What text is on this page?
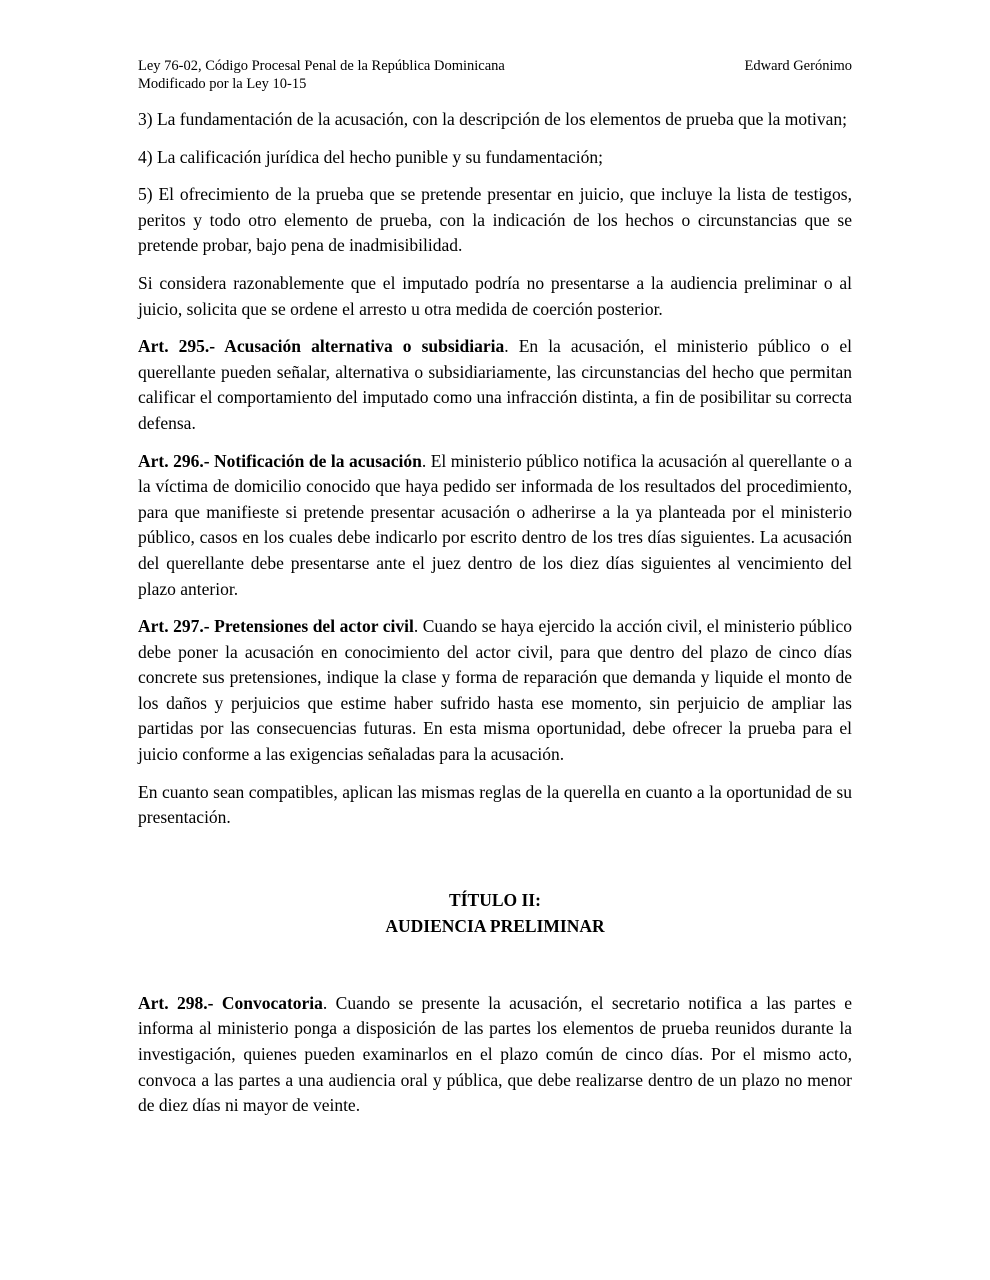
Ley 76-02, Código Procesal Penal de la República Dominicana
Modificado por la Ley 10-15
Edward Gerónimo

3) La fundamentación de la acusación, con la descripción de los elementos de prueba que la motivan;

4) La calificación jurídica del hecho punible y su fundamentación;

5) El ofrecimiento de la prueba que se pretende presentar en juicio, que incluye la lista de testigos, peritos y todo otro elemento de prueba, con la indicación de los hechos o circunstancias que se pretende probar, bajo pena de inadmisibilidad.

Si considera razonablemente que el imputado podría no presentarse a la audiencia preliminar o al juicio, solicita que se ordene el arresto u otra medida de coerción posterior.

Art. 295.- Acusación alternativa o subsidiaria. En la acusación, el ministerio público o el querellante pueden señalar, alternativa o subsidiariamente, las circunstancias del hecho que permitan calificar el comportamiento del imputado como una infracción distinta, a fin de posibilitar su correcta defensa.

Art. 296.- Notificación de la acusación. El ministerio público notifica la acusación al querellante o a la víctima de domicilio conocido que haya pedido ser informada de los resultados del procedimiento, para que manifieste si pretende presentar acusación o adherirse a la ya planteada por el ministerio público, casos en los cuales debe indicarlo por escrito dentro de los tres días siguientes. La acusación del querellante debe presentarse ante el juez dentro de los diez días siguientes al vencimiento del plazo anterior.

Art. 297.- Pretensiones del actor civil. Cuando se haya ejercido la acción civil, el ministerio público debe poner la acusación en conocimiento del actor civil, para que dentro del plazo de cinco días concrete sus pretensiones, indique la clase y forma de reparación que demanda y liquide el monto de los daños y perjuicios que estime haber sufrido hasta ese momento, sin perjuicio de ampliar las partidas por las consecuencias futuras. En esta misma oportunidad, debe ofrecer la prueba para el juicio conforme a las exigencias señaladas para la acusación.

En cuanto sean compatibles, aplican las mismas reglas de la querella en cuanto a la oportunidad de su presentación.

TÍTULO II:
AUDIENCIA PRELIMINAR

Art. 298.- Convocatoria. Cuando se presente la acusación, el secretario notifica a las partes e informa al ministerio ponga a disposición de las partes los elementos de prueba reunidos durante la investigación, quienes pueden examinarlos en el plazo común de cinco días. Por el mismo acto, convoca a las partes a una audiencia oral y pública, que debe realizarse dentro de un plazo no menor de diez días ni mayor de veinte.
